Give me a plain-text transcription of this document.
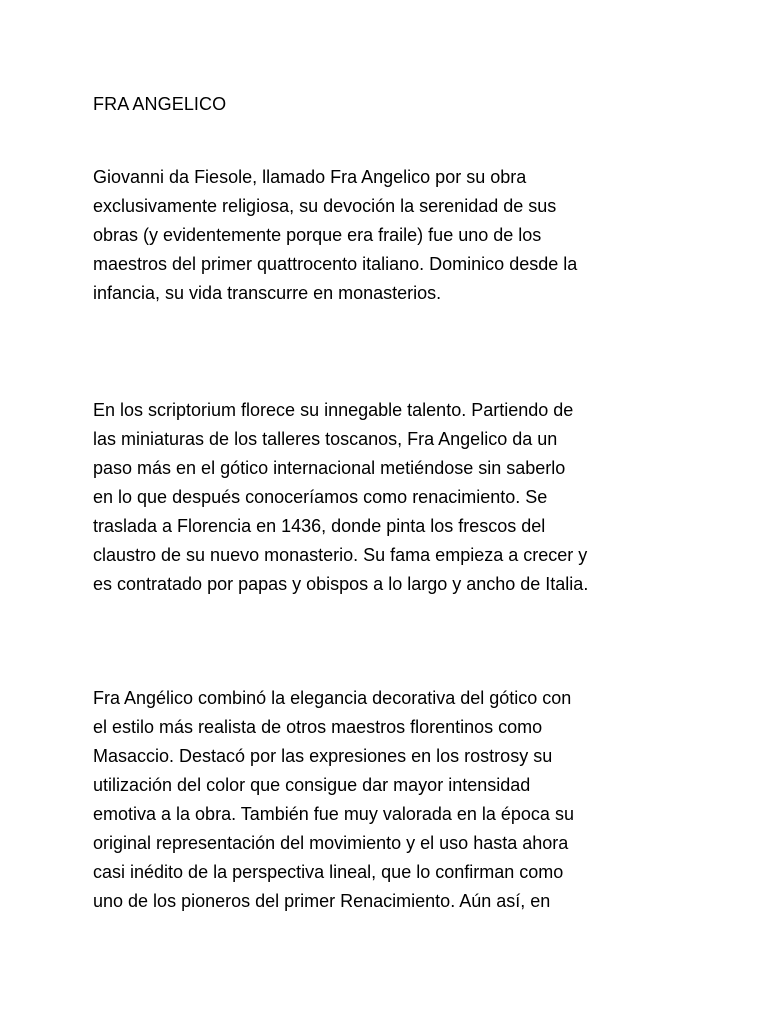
FRA ANGELICO

Giovanni da Fiesole, llamado Fra Angelico por su obra
exclusivamente religiosa, su devoción la serenidad de sus
obras (y evidentemente porque era fraile) fue uno de los
maestros del primer quattrocento italiano. Dominico desde la
infancia, su vida transcurre en monasterios.

En los scriptorium florece su innegable talento. Partiendo de
las miniaturas de los talleres toscanos, Fra Angelico da un
paso más en el gótico internacional metiéndose sin saberlo
en lo que después conoceríamos como renacimiento. Se
traslada a Florencia en 1436, donde pinta los frescos del
claustro de su nuevo monasterio. Su fama empieza a crecer y
es contratado por papas y obispos a lo largo y ancho de Italia.

Fra Angélico combinó la elegancia decorativa del gótico con
el estilo más realista de otros maestros florentinos como
Masaccio. Destacó por las expresiones en los rostrosy su
utilización del color que consigue dar mayor intensidad
emotiva a la obra. También fue muy valorada en la época su
original representación del movimiento y el uso hasta ahora
casi inédito de la perspectiva lineal, que lo confirman como
uno de los pioneros del primer Renacimiento. Aún así, en
